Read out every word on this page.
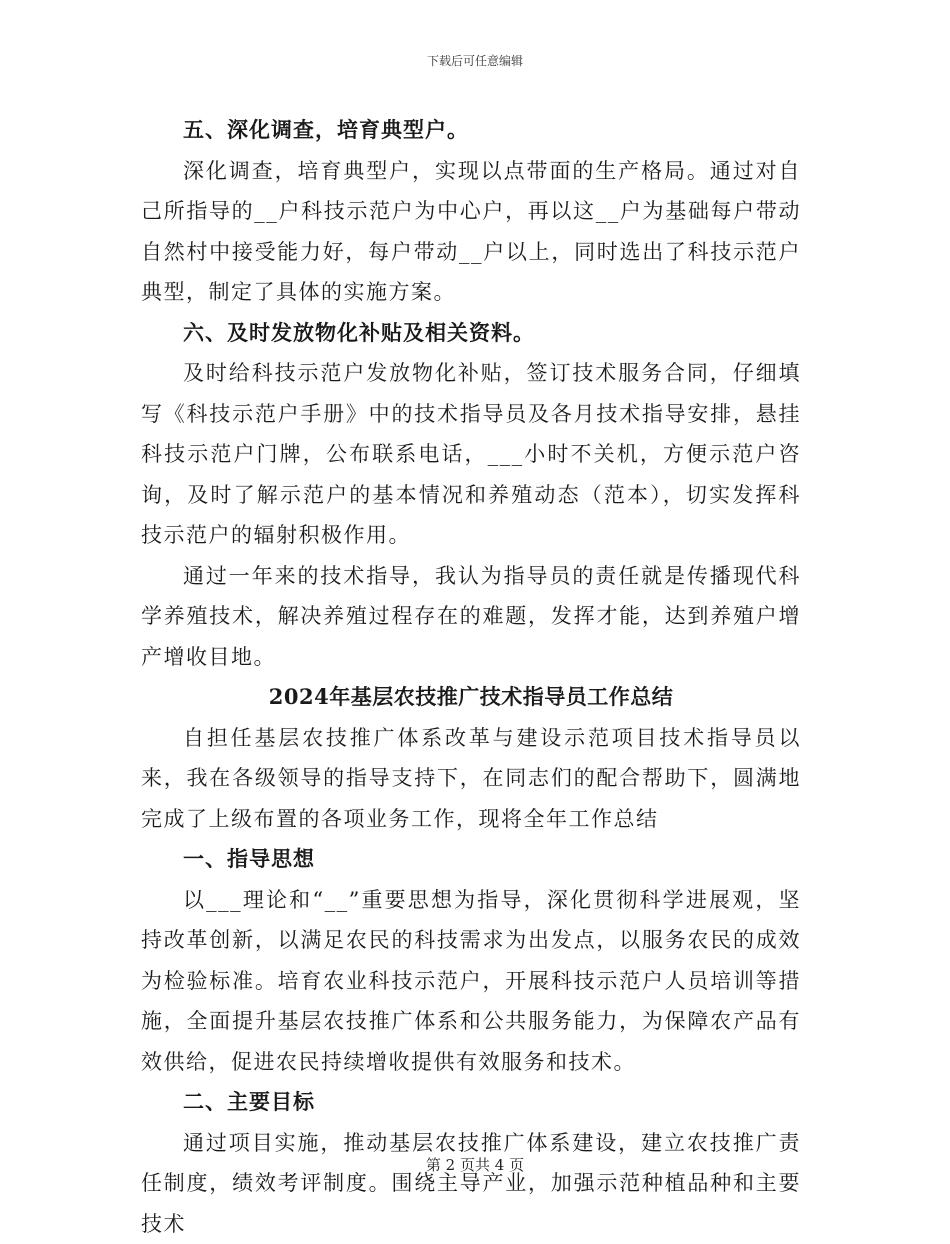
下载后可任意编辑

五、深化调查，培育典型户。

深化调查，培育典型户，实现以点带面的生产格局。通过对自己所指导的__户科技示范户为中心户，再以这__户为基础每户带动自然村中接受能力好，每户带动__户以上，同时选出了科技示范户典型，制定了具体的实施方案。

六、及时发放物化补贴及相关资料。

及时给科技示范户发放物化补贴，签订技术服务合同，仔细填写《科技示范户手册》中的技术指导员及各月技术指导安排，悬挂科技示范户门牌，公布联系电话，___小时不关机，方便示范户咨询，及时了解示范户的基本情况和养殖动态（范本），切实发挥科技示范户的辐射积极作用。

通过一年来的技术指导，我认为指导员的责任就是传播现代科学养殖技术，解决养殖过程存在的难题，发挥才能，达到养殖户增产增收目地。

2024年基层农技推广技术指导员工作总结

自担任基层农技推广体系改革与建设示范项目技术指导员以来，我在各级领导的指导支持下，在同志们的配合帮助下，圆满地完成了上级布置的各项业务工作，现将全年工作总结

一、指导思想

以___理论和“__”重要思想为指导，深化贯彻科学进展观，坚持改革创新，以满足农民的科技需求为出发点，以服务农民的成效为检验标准。培育农业科技示范户，开展科技示范户人员培训等措施，全面提升基层农技推广体系和公共服务能力，为保障农产品有效供给，促进农民持续增收提供有效服务和技术。

二、主要目标

通过项目实施，推动基层农技推广体系建设，建立农技推广责任制度，绩效考评制度。围绕主导产业，加强示范种植品种和主要技术

第 2 页共 4 页
